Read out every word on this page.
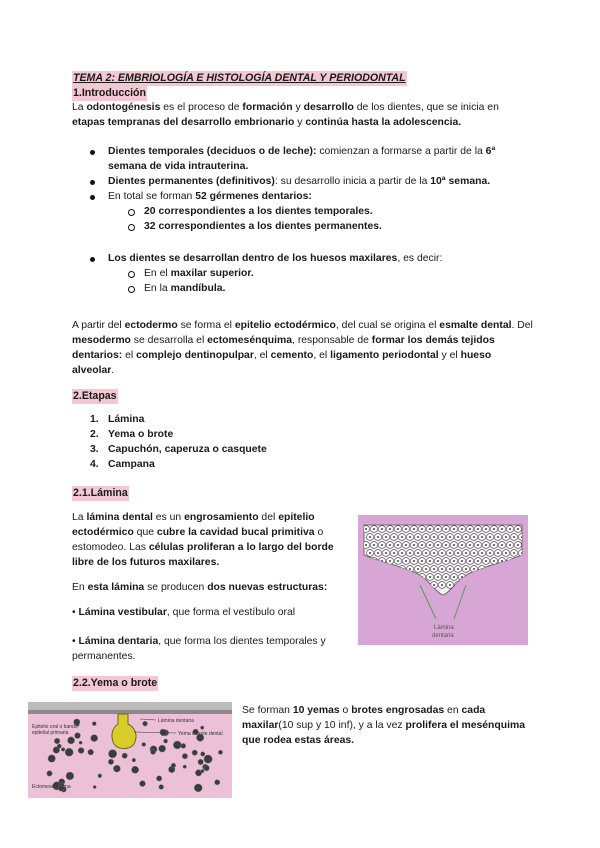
TEMA 2: EMBRIOLOGÍA E HISTOLOGÍA DENTAL Y PERIODONTAL
1.Introducción
La odontogénesis es el proceso de formación y desarrollo de los dientes, que se inicia en etapas tempranas del desarrollo embrionario y continúa hasta la adolescencia.
Dientes temporales (deciduos o de leche): comienzan a formarse a partir de la 6ª semana de vida intrauterina.
Dientes permanentes (definitivos): su desarrollo inicia a partir de la 10ª semana.
En total se forman 52 gérmenes dentarios:
20 correspondientes a los dientes temporales.
32 correspondientes a los dientes permanentes.
Los dientes se desarrollan dentro de los huesos maxilares, es decir:
En el maxilar superior.
En la mandíbula.
A partir del ectodermo se forma el epitelio ectodérmico, del cual se origina el esmalte dental. Del mesodermo se desarrolla el ectomesénquima, responsable de formar los demás tejidos dentarios: el complejo dentinopulpar, el cemento, el ligamento periodontal y el hueso alveolar.
2.Etapas
1. Lámina
2. Yema o brote
3. Capuchón, caperuza o casquete
4. Campana
2.1.Lámina
La lámina dental es un engrosamiento del epitelio ectodérmico que cubre la cavidad bucal primitiva o estomodeo. Las células proliferan a lo largo del borde libre de los futuros maxilares.
En esta lámina se producen dos nuevas estructuras:
• Lámina vestibular, que forma el vestíbulo oral
• Lámina dentaria, que forma los dientes temporales y permanentes.
Lámina
dentaria
2.2.Yema o brote
Se forman 10 yemas o brotes engrosadas en cada maxilar(10 sup y 10 inf), y a la vez prolifera el mesénquima que rodea estas áreas.
Epitelio oral o bando
epitelial primaria
Lámina dentaria
Yema o brote dental
Ectomesénquima
